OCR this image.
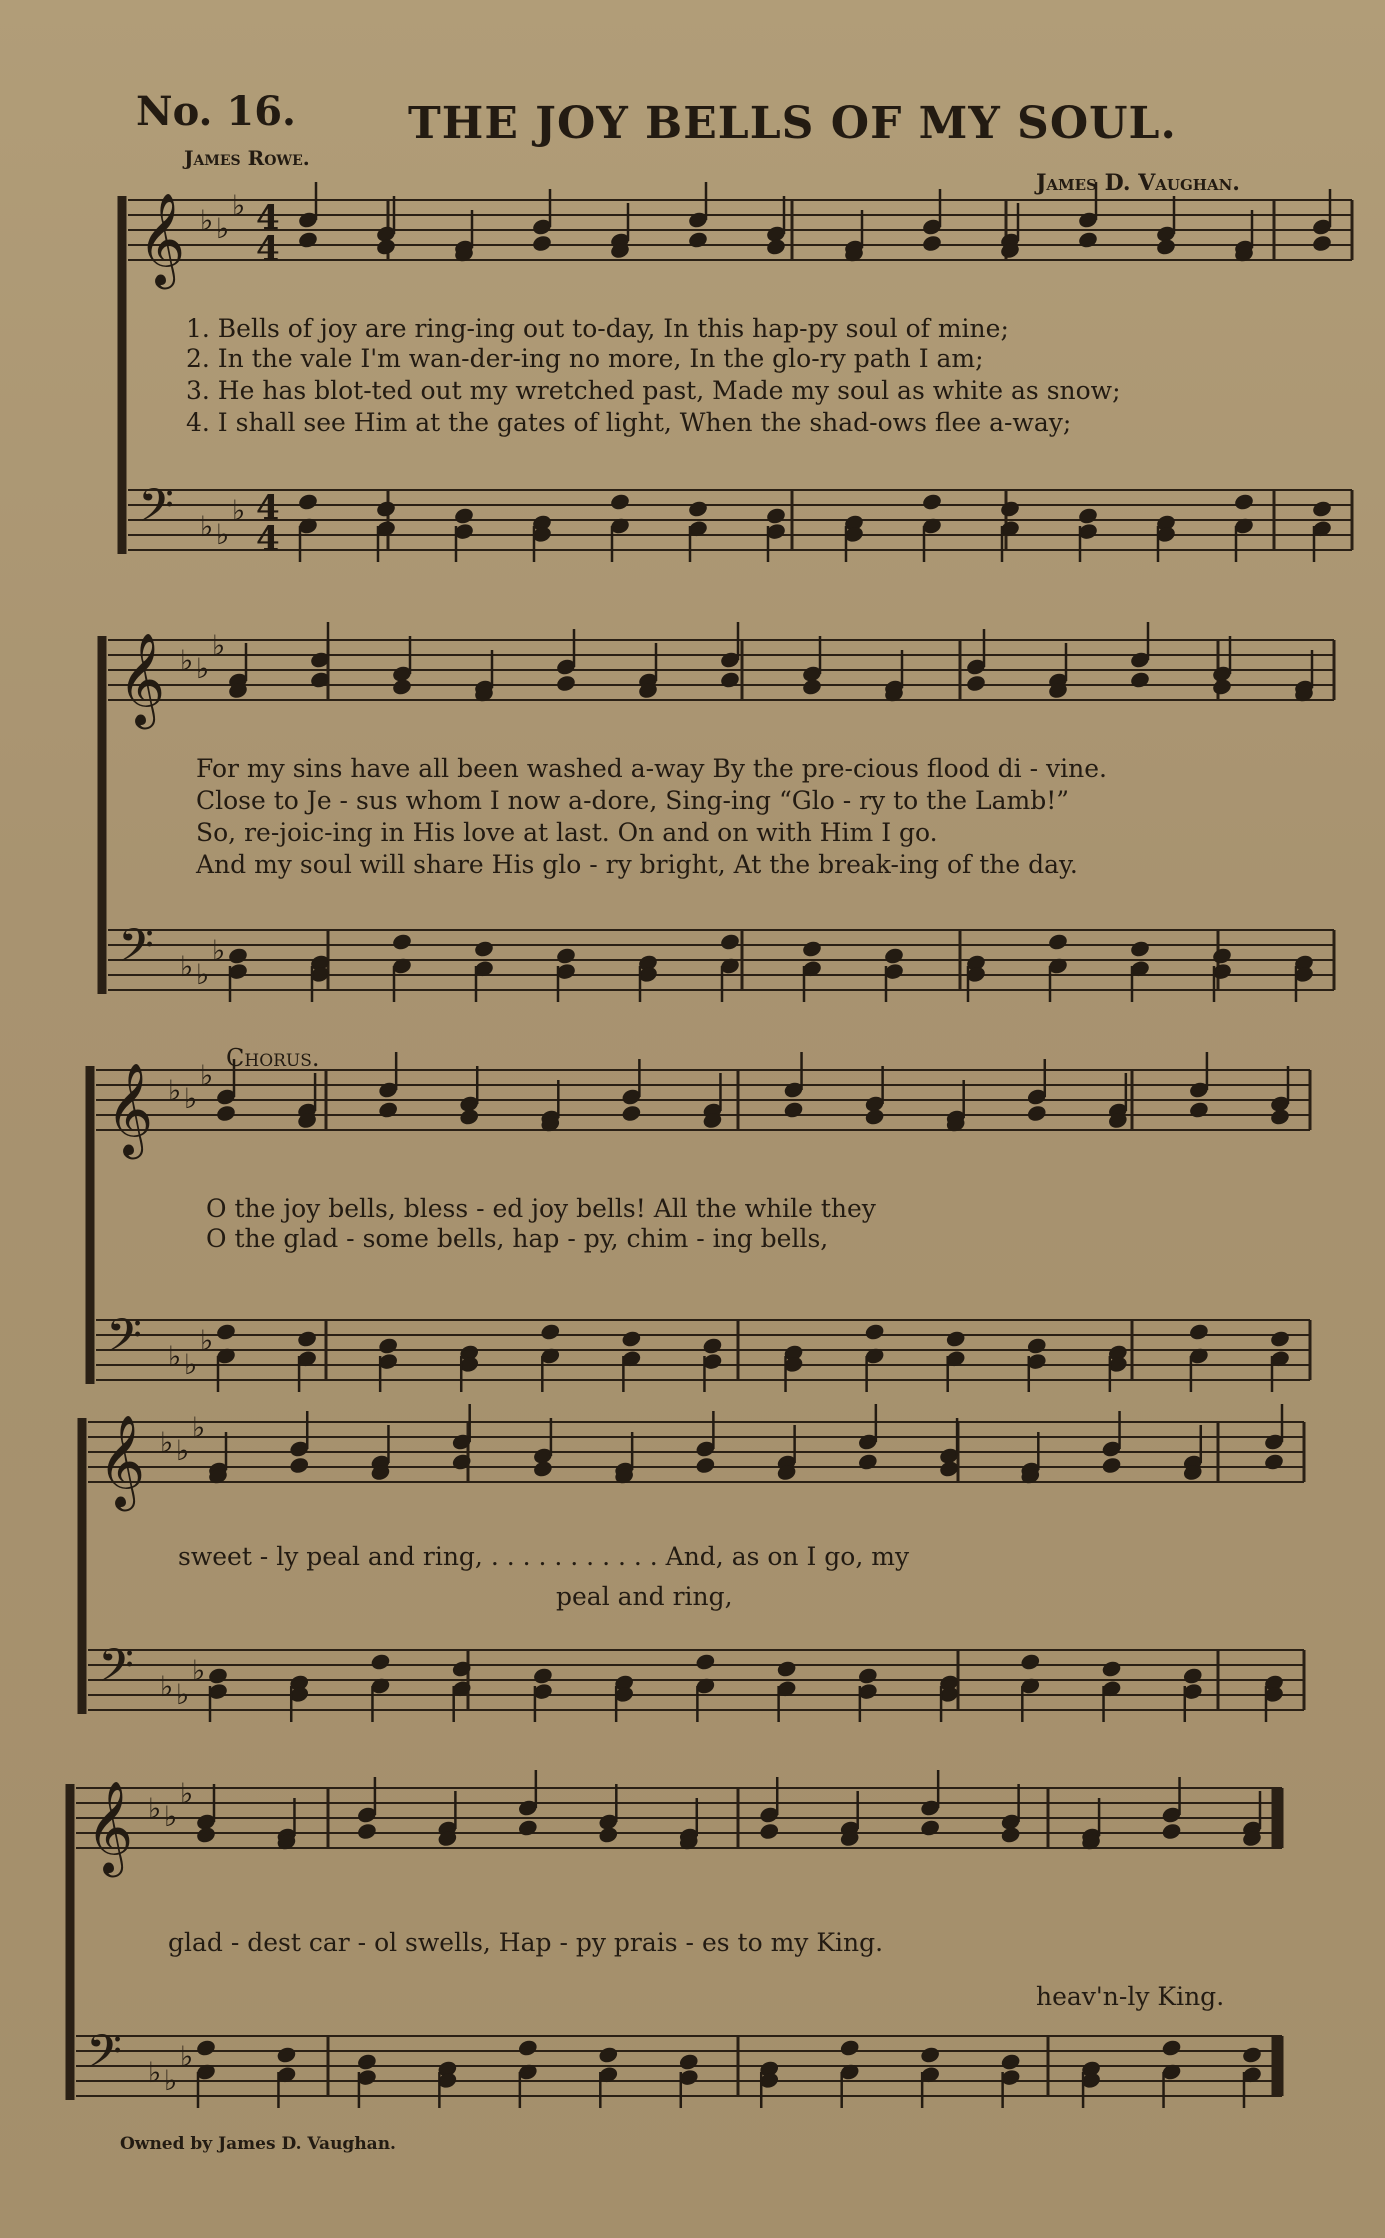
𝄞 ♭ ♭
♭
𝄢 ♭ ♭
♭
4
4
4
4
𝄞 ♭ ♭
♭
𝄢 ♭ ♭
♭
𝄞 ♭ ♭
♭
𝄢 ♭ ♭
♭
𝄞 ♭ ♭
♭
𝄢 ♭ ♭
♭
𝄞 ♭ ♭
♭
𝄢 ♭ ♭
♭
No. 16.	THE JOY BELLS OF MY SOUL.
James Rowe.
James D. Vaughan.
1. Bells of joy are ring-ing out to-day, In this hap-py soul of mine;
2. In the vale I'm wan-der-ing no more, In the glo-ry path I am;
3. He has blot-ted out my wretched past, Made my soul as white as snow;
4. I shall see Him at the gates of light, When the shad-ows flee a-way;
For my sins have all been washed a-way By the pre-cious flood di - vine.
Close to Je - sus whom I now a-dore, Sing-ing “Glo - ry to the Lamb!”
So, re-joic-ing in His love at last. On and on with Him I go.
And my soul will share His glo - ry bright, At the break-ing of the day.
Chorus.
O the joy bells, bless - ed joy bells! All the while they
O the glad - some bells, hap - py, chim - ing bells,
sweet - ly peal and ring, . . . . . . . . . . . And, as on I go, my
peal and ring,
glad - dest car - ol swells, Hap - py prais - es to my King.
heav'n-ly King.
Owned by James D. Vaughan.
